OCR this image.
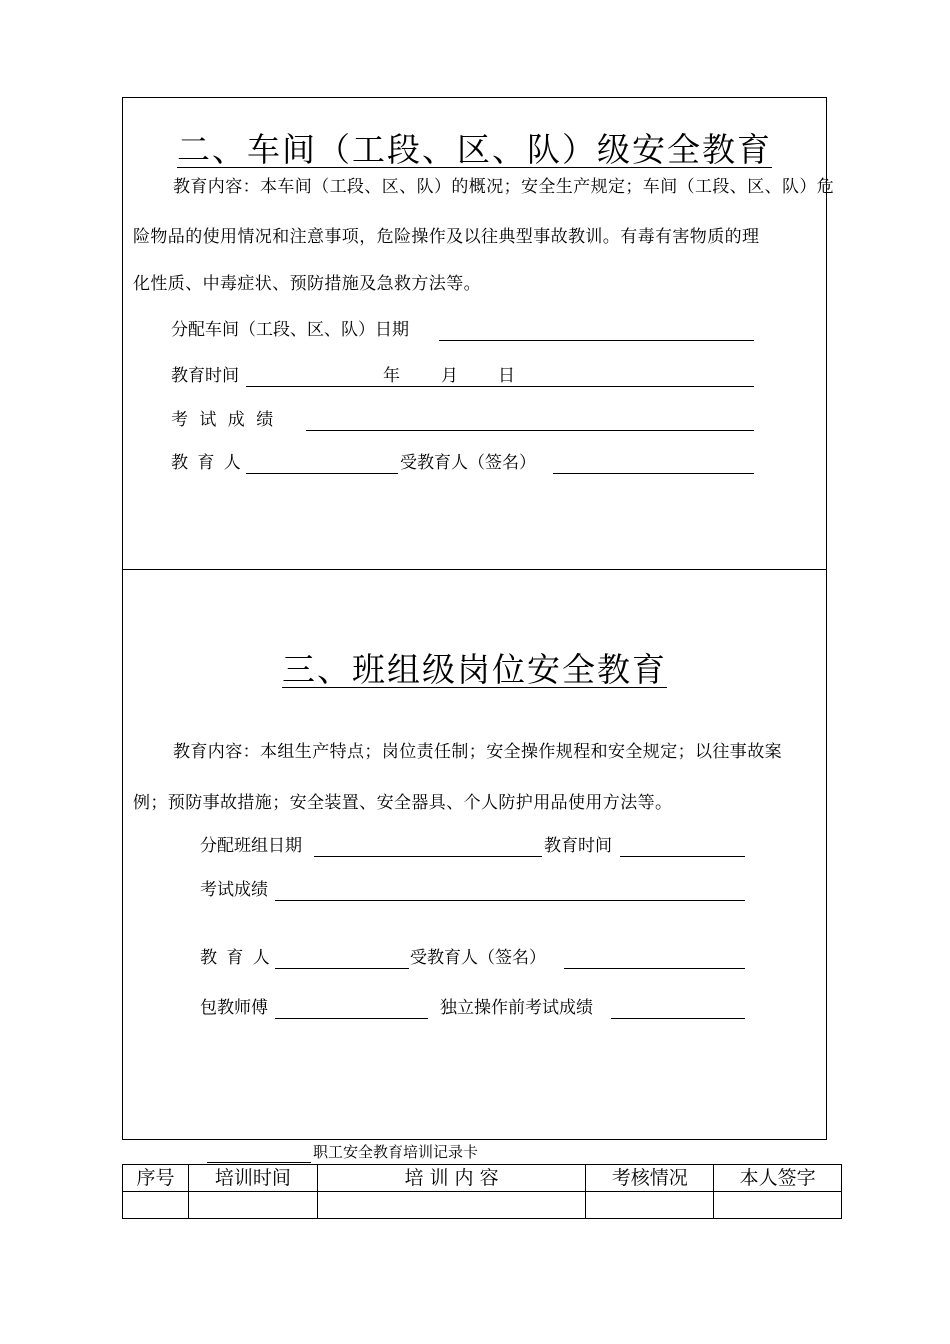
二、车间（工段、区、队）级安全教育
教育内容：本车间（工段、区、队）的概况；安全生产规定；车间（工段、区、队）危
险物品的使用情况和注意事项，危险操作及以往典型事故教训。有毒有害物质的理
化性质、中毒症状、预防措施及急救方法等。
分配车间（工段、区、队）日期
教育时间	年 月 日
考 试 成 绩
教 育 人	受教育人（签名）
三、班组级岗位安全教育
教育内容：本组生产特点；岗位责任制；安全操作规程和安全规定；以往事故案
例；预防事故措施；安全装置、安全器具、个人防护用品使用方法等。
分配班组日期	教育时间
考试成绩
教 育 人	受教育人（签名）
包教师傅	独立操作前考试成绩
职工安全教育培训记录卡
序号	培训时间	培 训 内 容	考核情况	本人签字
